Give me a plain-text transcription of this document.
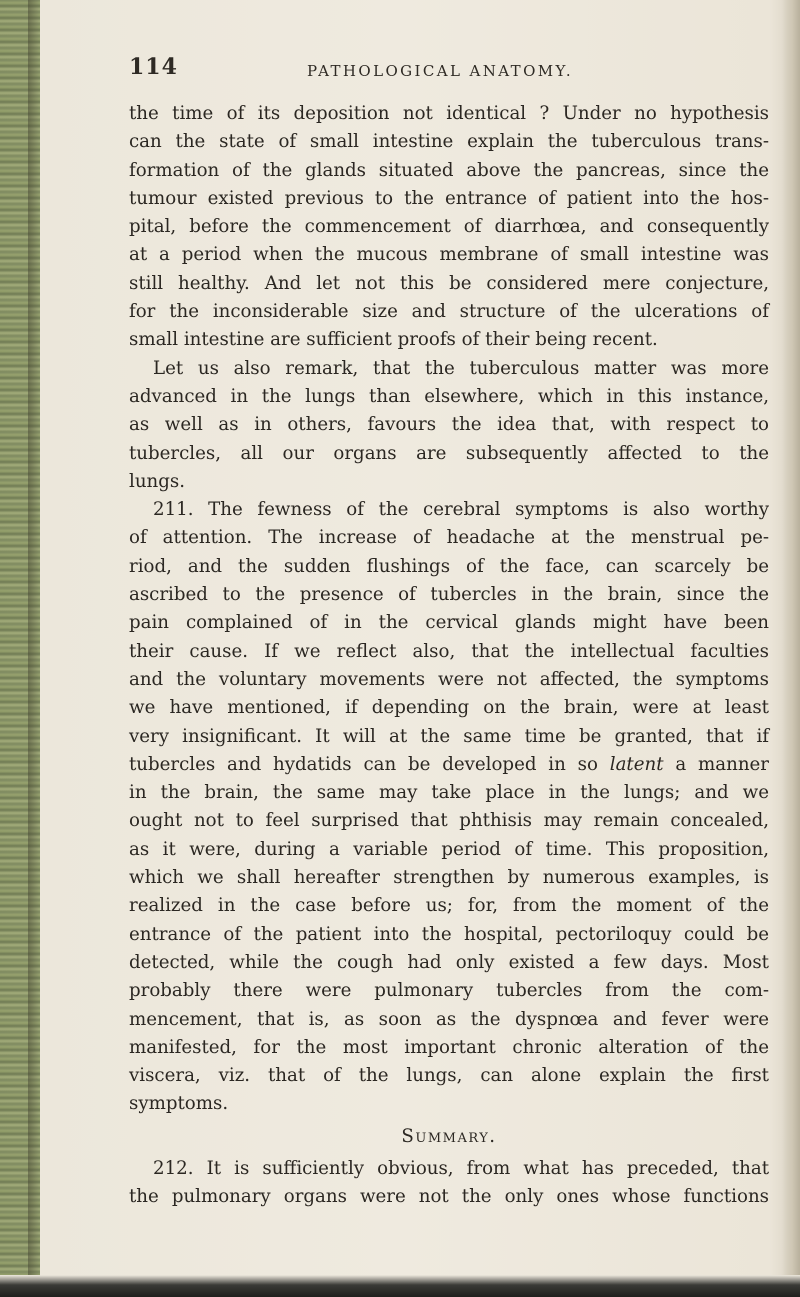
114	PATHOLOGICAL ANATOMY.
the time of its deposition not identical ? Under no hypothesis
can the state of small intestine explain the tuberculous trans-
formation of the glands situated above the pancreas, since the
tumour existed previous to the entrance of patient into the hos-
pital, before the commencement of diarrhœa, and consequently
at a period when the mucous membrane of small intestine was
still healthy. And let not this be considered mere conjecture,
for the inconsiderable size and structure of the ulcerations of
small intestine are sufficient proofs of their being recent.
Let us also remark, that the tuberculous matter was more
advanced in the lungs than elsewhere, which in this instance,
as well as in others, favours the idea that, with respect to
tubercles, all our organs are subsequently affected to the
lungs.
211. The fewness of the cerebral symptoms is also worthy
of attention. The increase of headache at the menstrual pe-
riod, and the sudden flushings of the face, can scarcely be
ascribed to the presence of tubercles in the brain, since the
pain complained of in the cervical glands might have been
their cause. If we reflect also, that the intellectual faculties
and the voluntary movements were not affected, the symptoms
we have mentioned, if depending on the brain, were at least
very insignificant. It will at the same time be granted, that if
tubercles and hydatids can be developed in so latent a manner
in the brain, the same may take place in the lungs; and we
ought not to feel surprised that phthisis may remain concealed,
as it were, during a variable period of time. This proposition,
which we shall hereafter strengthen by numerous examples, is
realized in the case before us; for, from the moment of the
entrance of the patient into the hospital, pectoriloquy could be
detected, while the cough had only existed a few days. Most
probably there were pulmonary tubercles from the com-
mencement, that is, as soon as the dyspnœa and fever were
manifested, for the most important chronic alteration of the
viscera, viz. that of the lungs, can alone explain the first
symptoms.
Summary.
212. It is sufficiently obvious, from what has preceded, that
the pulmonary organs were not the only ones whose functions
